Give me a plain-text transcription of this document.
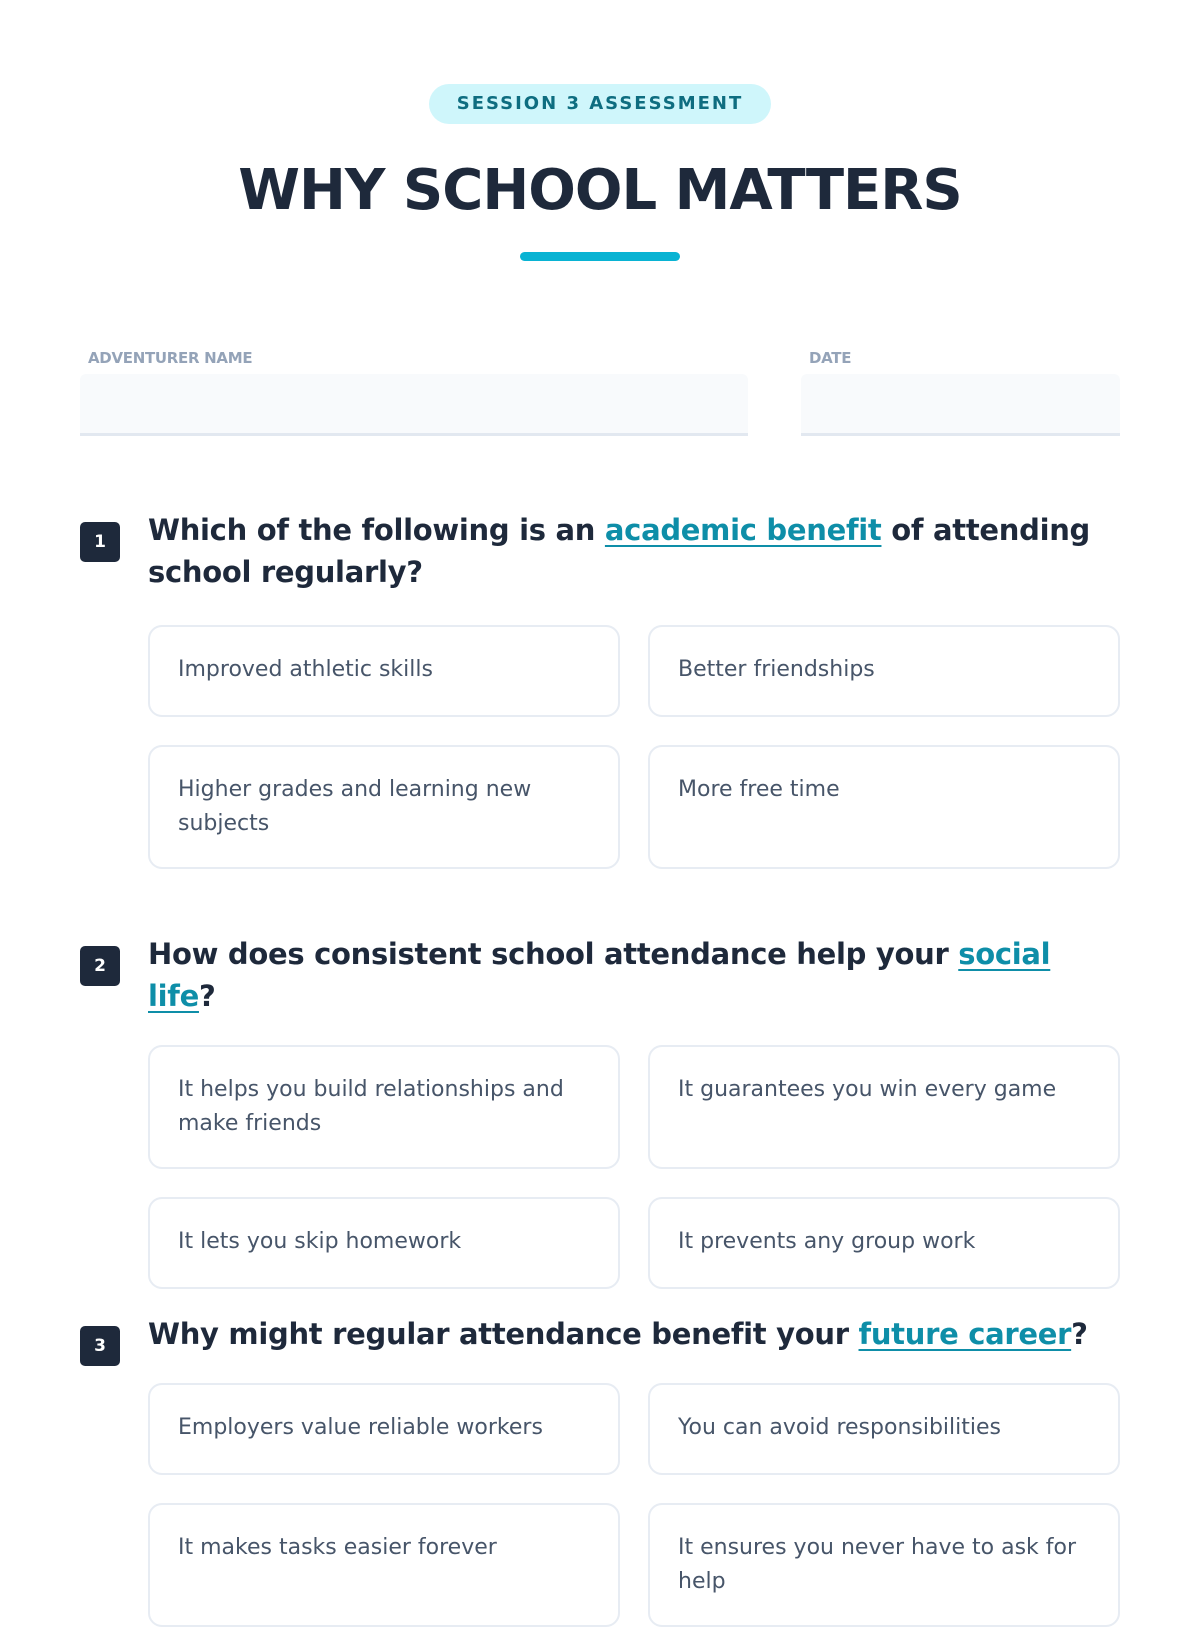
SESSION 3 ASSESSMENT
WHY SCHOOL MATTERS
ADVENTURER NAME	DATE
1	Which of the following is an academic benefit of attending school regularly?
Improved athletic skills	Better friendships
Higher grades and learning new subjects
More free time
2	How does consistent school attendance help your social life?
It helps you build relationships and make friends
It guarantees you win every game
It lets you skip homework	It prevents any group work
3	Why might regular attendance benefit your future career?
Employers value reliable workers	You can avoid responsibilities
It makes tasks easier forever	It ensures you never have to ask for help
